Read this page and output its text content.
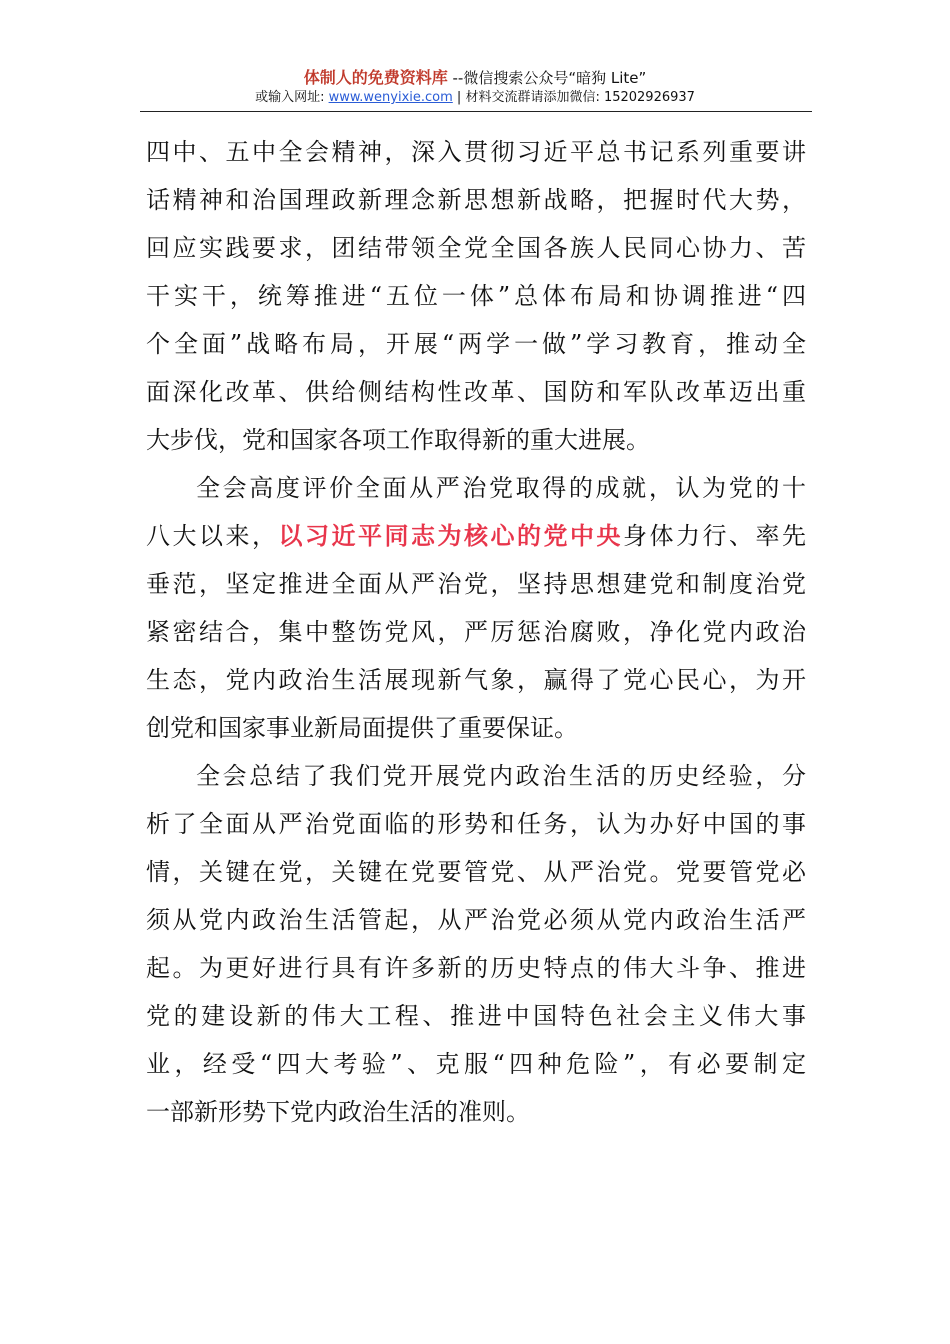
体制人的免费资料库 --微信搜索公众号“暗狗 Lite”
或输入网址: www.wenyixie.com | 材料交流群请添加微信: 15202926937
四中、五中全会精神，深入贯彻习近平总书记系列重要讲
话精神和治国理政新理念新思想新战略，把握时代大势，
回应实践要求，团结带领全党全国各族人民同心协力、苦
干实干，统筹推进“五位一体”总体布局和协调推进“四
个全面”战略布局，开展“两学一做”学习教育，推动全
面深化改革、供给侧结构性改革、国防和军队改革迈出重
大步伐，党和国家各项工作取得新的重大进展。
全会高度评价全面从严治党取得的成就，认为党的十
八大以来，以习近平同志为核心的党中央身体力行、率先
垂范，坚定推进全面从严治党，坚持思想建党和制度治党
紧密结合，集中整饬党风，严厉惩治腐败，净化党内政治
生态，党内政治生活展现新气象，赢得了党心民心，为开
创党和国家事业新局面提供了重要保证。
全会总结了我们党开展党内政治生活的历史经验，分
析了全面从严治党面临的形势和任务，认为办好中国的事
情，关键在党，关键在党要管党、从严治党。党要管党必
须从党内政治生活管起，从严治党必须从党内政治生活严
起。为更好进行具有许多新的历史特点的伟大斗争、推进
党的建设新的伟大工程、推进中国特色社会主义伟大事
业，经受“四大考验”、克服“四种危险”，有必要制定
一部新形势下党内政治生活的准则。
